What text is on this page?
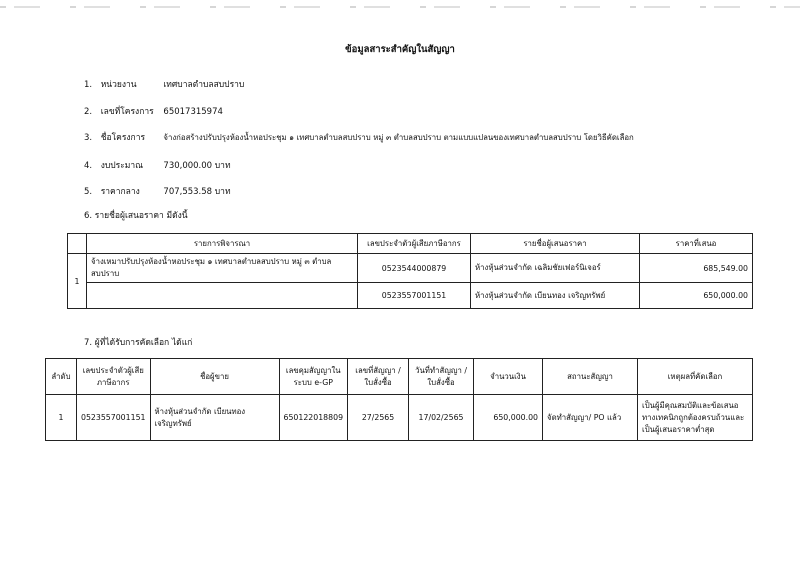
ข้อมูลสาระสำคัญในสัญญา
1. หน่วยงาน	เทศบาลตำบลสบปราบ
2. เลขที่โครงการ 65017315974
3. ชื่อโครงการ จ้างก่อสร้างปรับปรุงห้องน้ำหอประชุม ๑ เทศบาลตำบลสบปราบ หมู่ ๓ ตำบลสบปราบ ตามแบบแปลนของเทศบาลตำบลสบปราบ โดยวิธีคัดเลือก
4. งบประมาณ 730,000.00 บาท
5. ราคากลาง	707,553.58 บาท
6. รายชื่อผู้เสนอราคา มีดังนี้
	รายการพิจารณา	เลขประจำตัวผู้เสียภาษีอากร	รายชื่อผู้เสนอราคา	ราคาที่เสนอ
1	จ้างเหมาปรับปรุงห้องน้ำหอประชุม ๑ เทศบาลตำบลสบปราบ หมู่ ๓ ตำบลสบปราบ	0523544000879	ห้างหุ้นส่วนจำกัด เฉลิมชัยเฟอร์นิเจอร์	685,549.00
		0523557001151	ห้างหุ้นส่วนจำกัด เบียนทอง เจริญทรัพย์	650,000.00
7. ผู้ที่ได้รับการคัดเลือก ได้แก่
ลำดับ	เลขประจำตัวผู้เสียภาษีอากร	ชื่อผู้ขาย	เลขคุมสัญญาในระบบ e-GP	เลขที่สัญญา / ใบสั่งซื้อ	วันที่ทำสัญญา / ใบสั่งซื้อ	จำนวนเงิน	สถานะสัญญา	เหตุผลที่คัดเลือก
1	0523557001151	ห้างหุ้นส่วนจำกัด เบียนทอง เจริญทรัพย์	650122018809	27/2565	17/02/2565	650,000.00	จัดทำสัญญา/ PO แล้ว	เป็นผู้มีคุณสมบัติและข้อเสนอทางเทคนิกถูกต้องครบถ้วนและเป็นผู้เสนอราคาต่ำสุด
